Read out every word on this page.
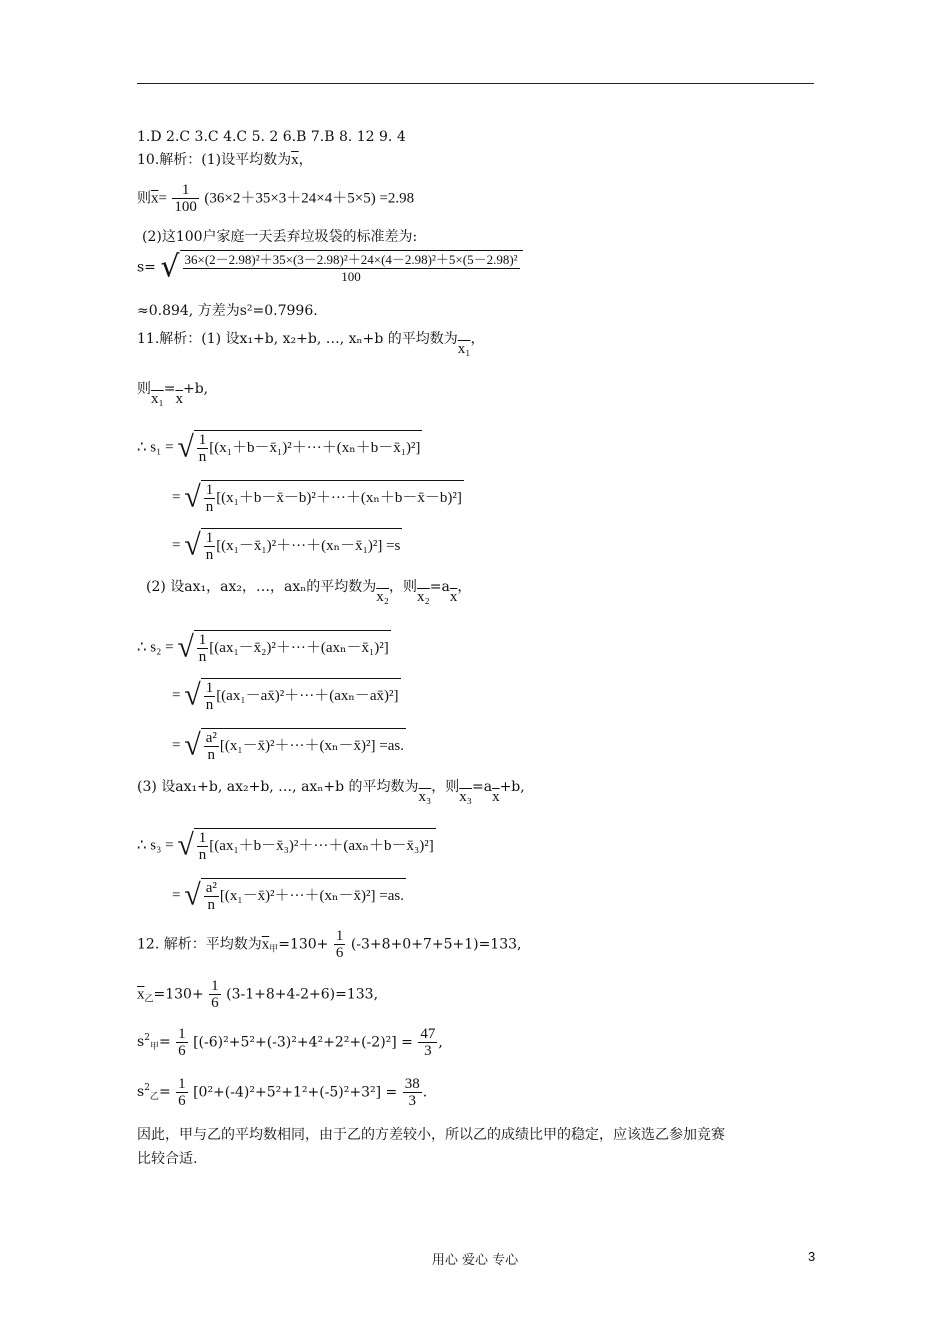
1.D 2.C 3.C 4.C 5. 2 6.B 7.B 8. 12 9. 4
10.解析：(1)设平均数为$\overline{x}$，
则$\overline{x}= \frac{1}{100} (36\times 2+35\times 3+24\times 4+5\times 5) =2.98$
(2)这100户家庭一天丢弃垃圾袋的标准差为:
s= √ $\frac{\text{36×(2－2.98)²＋35×(3－2.98)²＋24×(4－2.98)²＋5×(5－2.98)²}}{100}$
≈0.894, 方差为s²=0.7996.
11.解析：(1) 设x₁+b, x₂+b, …, xₙ+b 的平均数为x₁，
则$x_1=\overline{x}+b$,
∴ s₁ = √ $\frac{1}{n}$ [(x₁＋b－x̄₁)²＋···＋(xₙ＋b－x̄₁)²]
= √ $\frac{1}{n}$ [(x₁＋b－x̄－b)²＋···＋(xₙ＋b－x̄－b)²]
= √ $\frac{1}{n}$ [(x₁－x̄₁)²＋···＋(xₙ－x̄₁)²] =s
(2) 设ax₁，ax₂，…，axₙ的平均数为x₂，则$x_2=a\overline{x}$，
∴ s₂ = √ $\frac{1}{n}$ [(ax₁－x̄₂)²＋···＋(axₙ－x̄₁)²]
= √ $\frac{1}{n}$ [(ax₁－ax̄)²＋···＋(axₙ－ax̄)²]
= √ $\frac{\text{a²}}{n}$ [(x₁－x̄)²＋···＋(xₙ－x̄)²] =as.
(3) 设ax₁+b, ax₂+b, …, axₙ+b 的平均数为x₃，则$x_3=a\overline{x}+b$,
∴ s₃ = √ $\frac{1}{n}$ [(ax₁＋b－x̄₃)²＋···＋(axₙ＋b－x̄₃)²]
= √ $\frac{\text{a²}}{n}$ [(x₁－x̄)²＋···＋(xₙ－x̄)²] =as.
12. 解析：平均数为$\overline{x}_甲=130+ \frac{1}{6} (-3+8+0+7+5+1)=133$,
$\overline{x}_乙=130+ \frac{1}{6} (3-1+8+4-2+6)=133$,
$s^2_甲= \frac{1}{6} [(-6)^2+5^2+(-3)^2+4^2+2^2+(-2)^2] = \frac{47}{3}$ ,
$s^2_乙= \frac{1}{6} [0^2+(-4)^2+5^2+1^2+(-5)^2+3^2] = \frac{38}{3}$ .
因此，甲与乙的平均数相同，由于乙的方差较小，所以乙的成绩比甲的稳定，应该选乙参加竞赛
比较合适.
用心 爱心 专心	3
